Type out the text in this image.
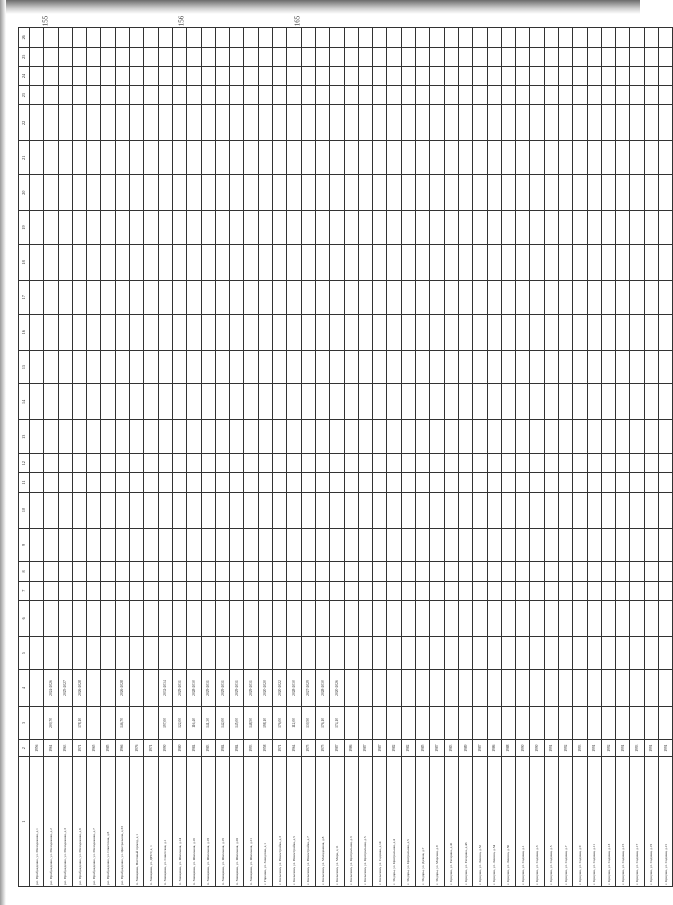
155	156	165
1	2	3	4	5	6	7	8	9	10	11	12	13	14	15	16	17	18	19	20	21	22	23	24	25	26
р.п. Пробуждение, ул. Молодежная, д.1	1956																								
р.п. Пробуждение, ул. Молодежная, д.2	1961	200,70	2024-2026																						
р.п. Пробуждение, ул. Молодежная, д.3	1963		2025-2027																						
р.п. Пробуждение, ул. Молодежная, д.6	1971	178,10	2026-2028																						
р.п. Пробуждение, ул. Молодежная, д.7	1965																								
р.п. Пробуждение, ул. Советская, д.8	1985																								
р.п. Пробуждение, ул. Центральная, д.33	1966	146,70	2026-2028																						
п. Хвощевка, Почтовый проезд, д.1	1976																								
п. Хвощевка, ул. ДРСУ, д. 1	1971																								
п. Хвощевка, ул. Советская, д.1	1990	197,00	2032-2034																						
п. Хвощевка, ул. Школьная, д.14	1980	122,00	2029-2031																						
п. Хвощевка, ул. Школьная, д.16	1984	116,40	2028-2030																						
п. Хвощевка, ул. Школьная, д.18	1983	141,30	2029-2031																						
п. Хвощевка, ул. Школьная, д.19	1984	142,00	2029-2031																						
п. Хвощевка, ул. Школьная, д.20	1984	145,00	2029-2031																						
п. Хвощевка, ул. Школьная, д.21	1993	148,50	2029-2031																						
с. Горенки, ул. Заводская, д.1	1958	198,10	2020-2020																						
с. Колычево, ул. Новостройка, д.3	1971	176,00	2020-2022																						
с. Колычево, ул. Новостройка, д.5	1964	112,00	2028-2030																						
с. Колычево, ул. Новостройка, д.7	1975	130,50	2027-2029																						
с. Колычево, ул. Молодежная, д.8	1975	176,10	2028-2030																						
с. Колычево, ул. Мира, д.11	1987	174,10	2020-2026																						
с. Колычево, ул. Центральная, д.3	1986																								
с. Колычево, ул. Центральная, д.5	1987																								
с. Колычево, ул. Садовая, д.14	1987																								
с. Ундоры, ул. Центральная, д.4	1982																								
с. Ундоры, ул. Центральная, д.5	1982																								
с. Ундоры, ул. Дачная, д.7	1985																								
с. Ундоры, ул. Морская, д.9	1987																								
с. Криуши, ул. Гагарина, д.41	1983																								
с. Криуши, ул. Гагарина, д.43	1989																								
с. Криуши, ул. Ленина, д.52	1987																								
с. Криуши, ул. Ленина, д.54	1986																								
с. Криуши, ул. Ленина, д.56	1988																								
с. Криуши, ул. Садовая, д.1	1990																								
с. Криуши, ул. Садовая, д.3	1990																								
с. Криуши, ул. Садовая, д.5	1991																								
с. Криуши, ул. Садовая, д.7	1992																								
с. Криуши, ул. Садовая, д.9	1993																								
с. Криуши, ул. Садовая, д.11	1991																								
с. Криуши, ул. Садовая, д.13	1992																								
с. Криуши, ул. Садовая, д.15	1991																								
с. Криуши, ул. Садовая, д.17	1993																								
с. Криуши, ул. Садовая, д.19	1991																								
с. Криуши, ул. Садовая, д.21	1991																								
